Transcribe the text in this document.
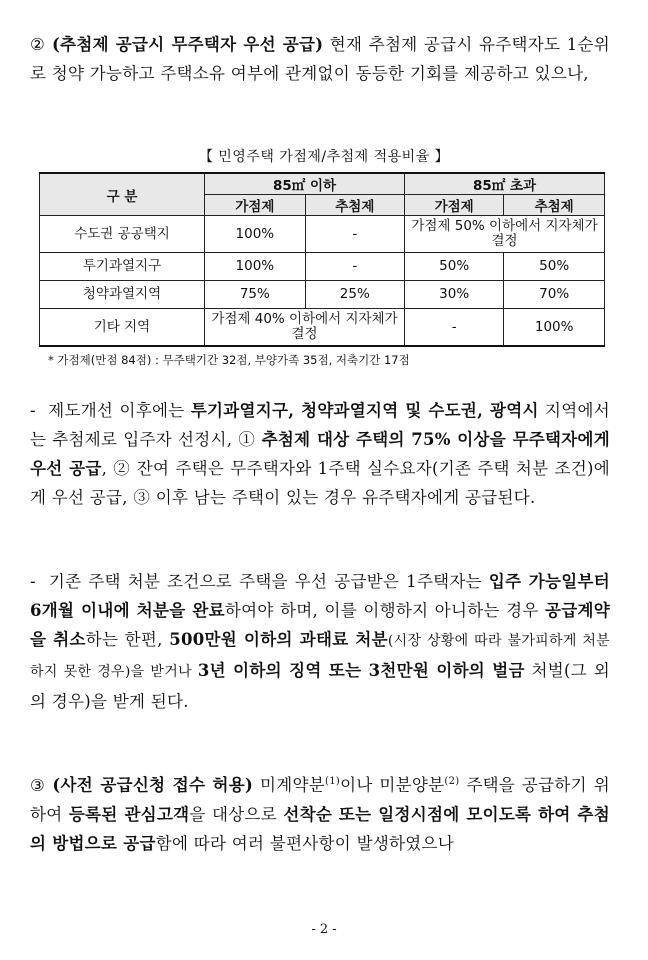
② (추첨제 공급시 무주택자 우선 공급) 현재 추첨제 공급시 유주택자도 1순위로 청약 가능하고 주택소유 여부에 관계없이 동등한 기회를 제공하고 있으나,
【 민영주택 가점제/추첨제 적용비율 】
구 분	85㎡ 이하		85㎡ 초과	
	가점제	추첨제	가점제	추첨제
수도권 공공택지	100%	-	가점제 50% 이하에서 지자체가 결정	
투기과열지구	100%	-	50%	50%
청약과열지역	75%	25%	30%	70%
기타 지역	가점제 40% 이하에서 지자체가 결정		-	100%
* 가점제(만점 84점) : 무주택기간 32점, 부양가족 35점, 저축기간 17점
- 제도개선 이후에는 투기과열지구, 청약과열지역 및 수도권, 광역시 지역에서는 추첨제로 입주자 선정시, ① 추첨제 대상 주택의 75% 이상을 무주택자에게 우선 공급, ② 잔여 주택은 무주택자와 1주택 실수요자(기존 주택 처분 조건)에게 우선 공급, ③ 이후 남는 주택이 있는 경우 유주택자에게 공급된다.
- 기존 주택 처분 조건으로 주택을 우선 공급받은 1주택자는 입주 가능일부터 6개월 이내에 처분을 완료하여야 하며, 이를 이행하지 아니하는 경우 공급계약을 취소하는 한편, 500만원 이하의 과태료 처분(시장 상황에 따라 불가피하게 처분하지 못한 경우)을 받거나 3년 이하의 징역 또는 3천만원 이하의 벌금 처벌(그 외의 경우)을 받게 된다.
③ (사전 공급신청 접수 허용) 미계약분$^{(1)}$이나 미분양분$^{(2)}$ 주택을 공급하기 위하여 등록된 관심고객을 대상으로 선착순 또는 일정시점에 모이도록 하여 추첨의 방법으로 공급함에 따라 여러 불편사항이 발생하였으나
- 2 -
